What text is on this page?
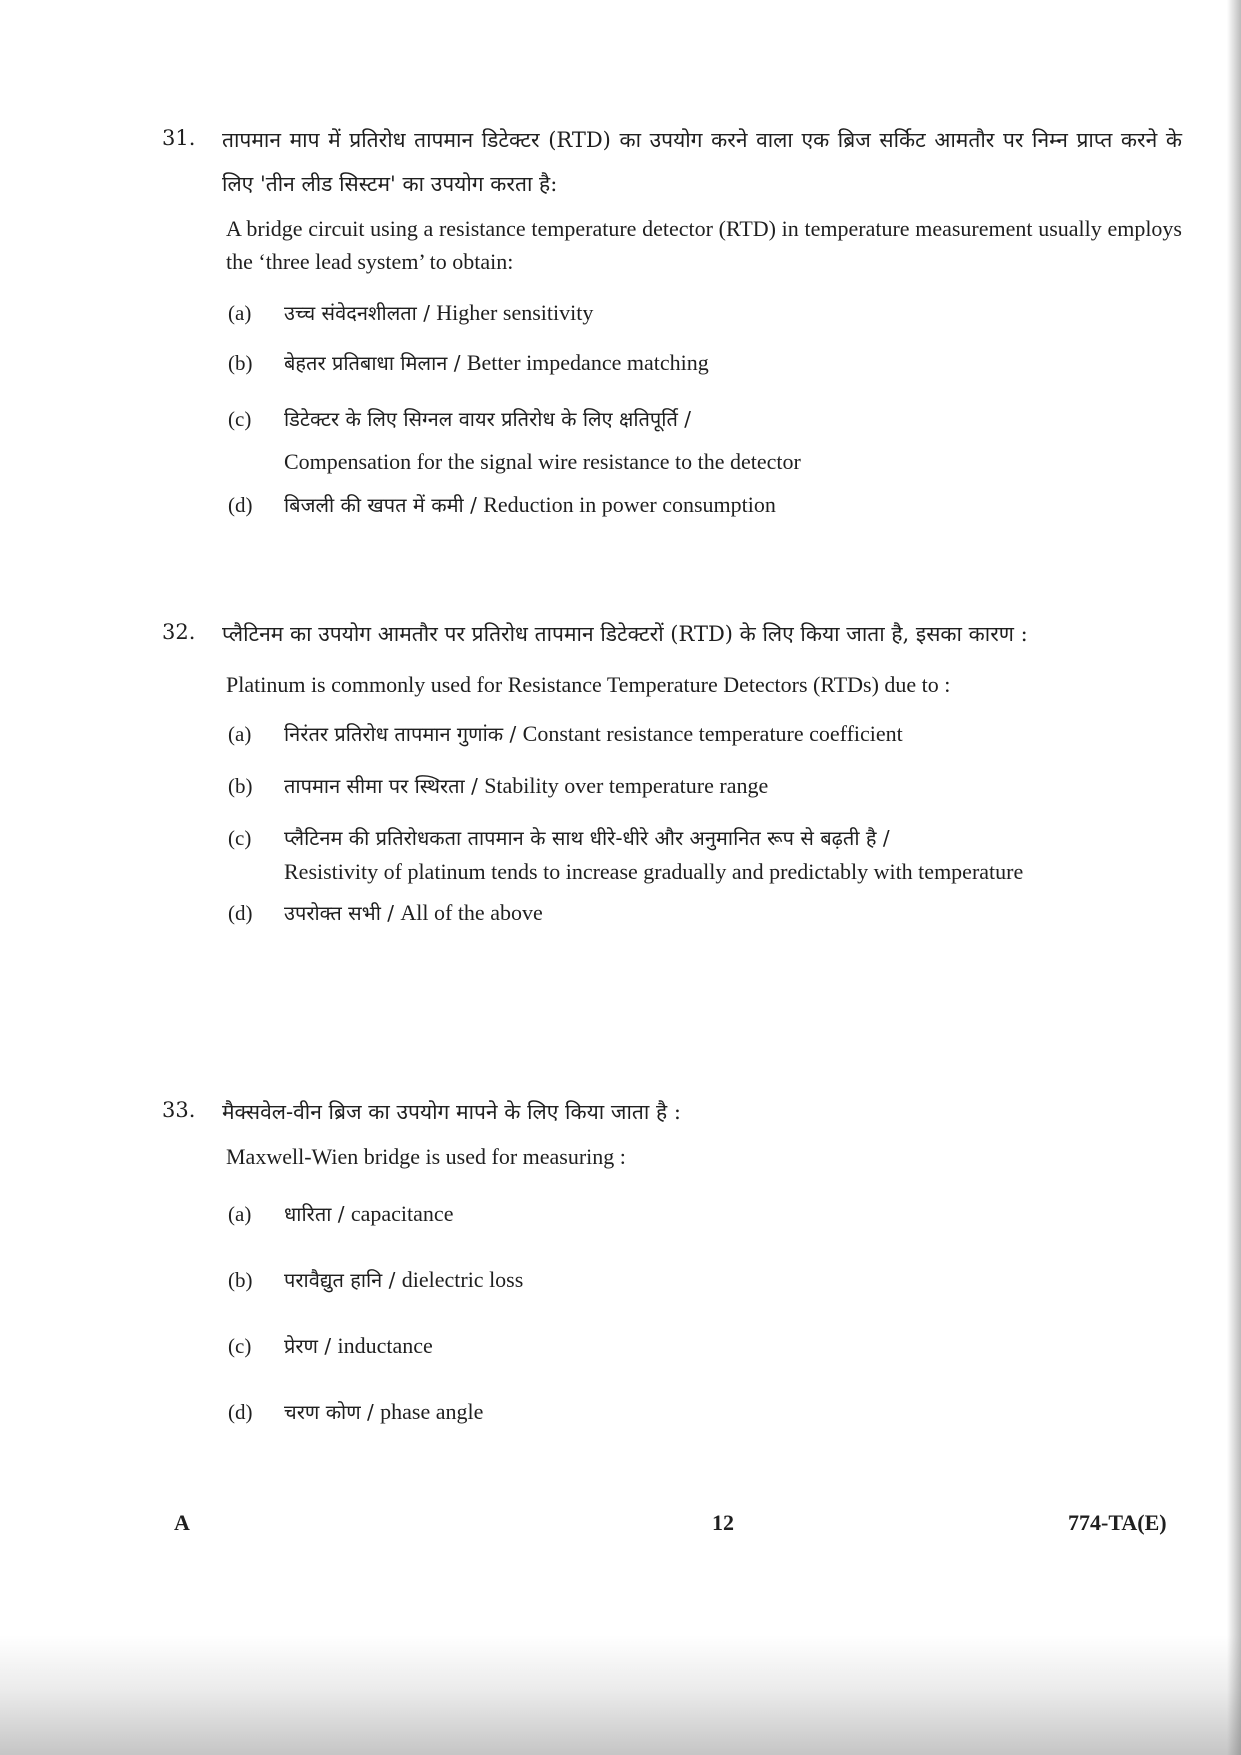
31. तापमान माप में प्रतिरोध तापमान डिटेक्टर (RTD) का उपयोग करने वाला एक ब्रिज सर्किट आमतौर पर निम्न प्राप्त करने के लिए 'तीन लीड सिस्टम' का उपयोग करता है:
A bridge circuit using a resistance temperature detector (RTD) in temperature measurement usually employs the ‘three lead system’ to obtain:
(a) उच्च संवेदनशीलता / Higher sensitivity
(b) बेहतर प्रतिबाधा मिलान / Better impedance matching
(c) डिटेक्टर के लिए सिग्नल वायर प्रतिरोध के लिए क्षतिपूर्ति /
Compensation for the signal wire resistance to the detector
(d) बिजली की खपत में कमी / Reduction in power consumption
32. प्लैटिनम का उपयोग आमतौर पर प्रतिरोध तापमान डिटेक्टरों (RTD) के लिए किया जाता है, इसका कारण :
Platinum is commonly used for Resistance Temperature Detectors (RTDs) due to :
(a) निरंतर प्रतिरोध तापमान गुणांक / Constant resistance temperature coefficient
(b) तापमान सीमा पर स्थिरता / Stability over temperature range
(c) प्लैटिनम की प्रतिरोधकता तापमान के साथ धीरे-धीरे और अनुमानित रूप से बढ़ती है /
Resistivity of platinum tends to increase gradually and predictably with temperature
(d) उपरोक्त सभी / All of the above
33. मैक्सवेल-वीन ब्रिज का उपयोग मापने के लिए किया जाता है :
Maxwell-Wien bridge is used for measuring :
(a) धारिता / capacitance
(b) परावैद्युत हानि / dielectric loss
(c) प्रेरण / inductance
(d) चरण कोण / phase angle
A	12	774-TA(E)
